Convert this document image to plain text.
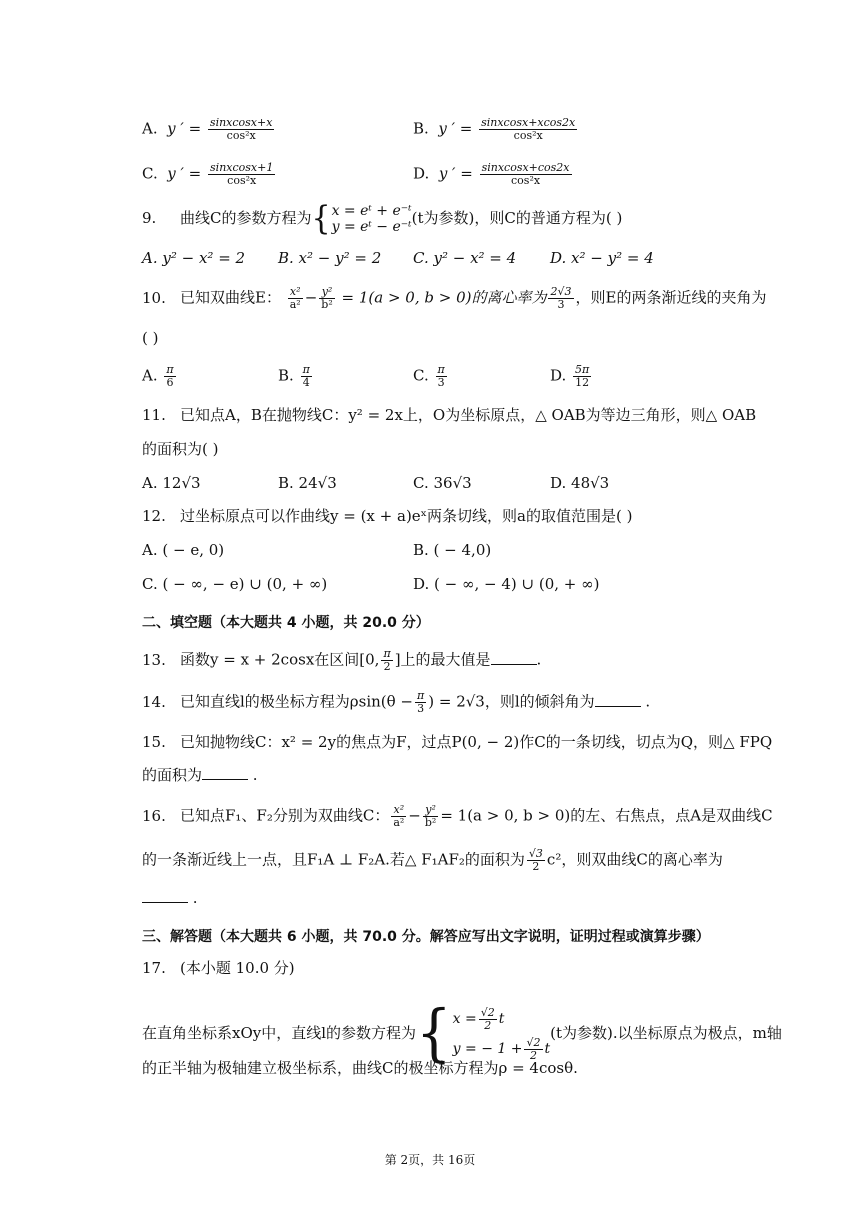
A. y ′ = $\frac{\text{sinxcosx+x}}{\text{cos²x}}$	B. y ′ = $\frac{\text{sinxcosx+xcos2x}}{\text{cos²x}}$
C. y ′ = $\frac{\text{sinxcosx+1}}{\text{cos²x}}$	D. y ′ = $\frac{\text{sinxcosx+cos2x}}{\text{cos²x}}$
9. 曲线C的参数方程为{x = eᵗ + e⁻ᵗ
y = eᵗ − e⁻ᵗ(t为参数)，则C的普通方程为( )
A. y² − x² = 2 B. x² − y² = 2 C. y² − x² = 4 D. x² − y² = 4
10. 已知双曲线E： $\frac{\text{x²}}{\text{a²}} - \frac{\text{y²}}{\text{b²}} = 1(a > 0$, b > 0)的离心率为 $\frac{2√3}{3}$ ，则E的两条渐近线的夹角为
( )
A. $\frac{\pi}{6}$	B. $\frac{\pi}{4}$	C. $\frac{\pi}{3}$	D. $\frac{5\pi}{12}$
11. 已知点A，B在抛物线C：y² = 2x上，O为坐标原点，△ OAB为等边三角形，则△ OAB
的面积为( )
A. 12√3	B. 24√3	C. 36√3	D. 48√3
12. 过坐标原点可以作曲线y = (x + a)eˣ两条切线，则a的取值范围是( )
A. ( − e, 0)	B. ( − 4,0)
C. ( − ∞, − e) ∪ (0, + ∞)	D. ( − ∞, − 4) ∪ (0, + ∞)
二、填空题（本大题共 4 小题，共 20.0 分）
13. 函数y = x + 2cosx在区间[0, $\frac{\pi}{2}$ ]上的最大值是	.
14. 已知直线l的极坐标方程为$\rho\sin(\theta - \frac{\pi}{3}$ ) = 2√3，则l的倾斜角为	.
15. 已知抛物线C：x² = 2y的焦点为F，过点P(0, − 2)作C的一条切线，切点为Q，则△ FPQ
的面积为	.
16. 已知点F₁、F₂分别为双曲线C： $\frac{\text{x²}}{\text{a²}} - \frac{\text{y²}}{\text{b²}} = 1(a > 0$, b > 0)的左、右焦点，点A是双曲线C
的一条渐近线上一点，且F₁A ⊥ F₂A.若△ F₁AF₂的面积为 $\frac{√3}{2} c^2$，则双曲线C的离心率为
.
三、解答题（本大题共 6 小题，共 70.0 分。解答应写出文字说明，证明过程或演算步骤）
17. (本小题 10.0 分)
在直角坐标系xOy中，直线l的参数方程为{ $x = \frac{√2}{2}$ t
y = − $1 + \frac{√2}{2}$ t
(t为参数).以坐标原点为极点，m轴
的正半轴为极轴建立极坐标系，曲线C的极坐标方程为ρ = 4cosθ.
第 2页，共 16页
